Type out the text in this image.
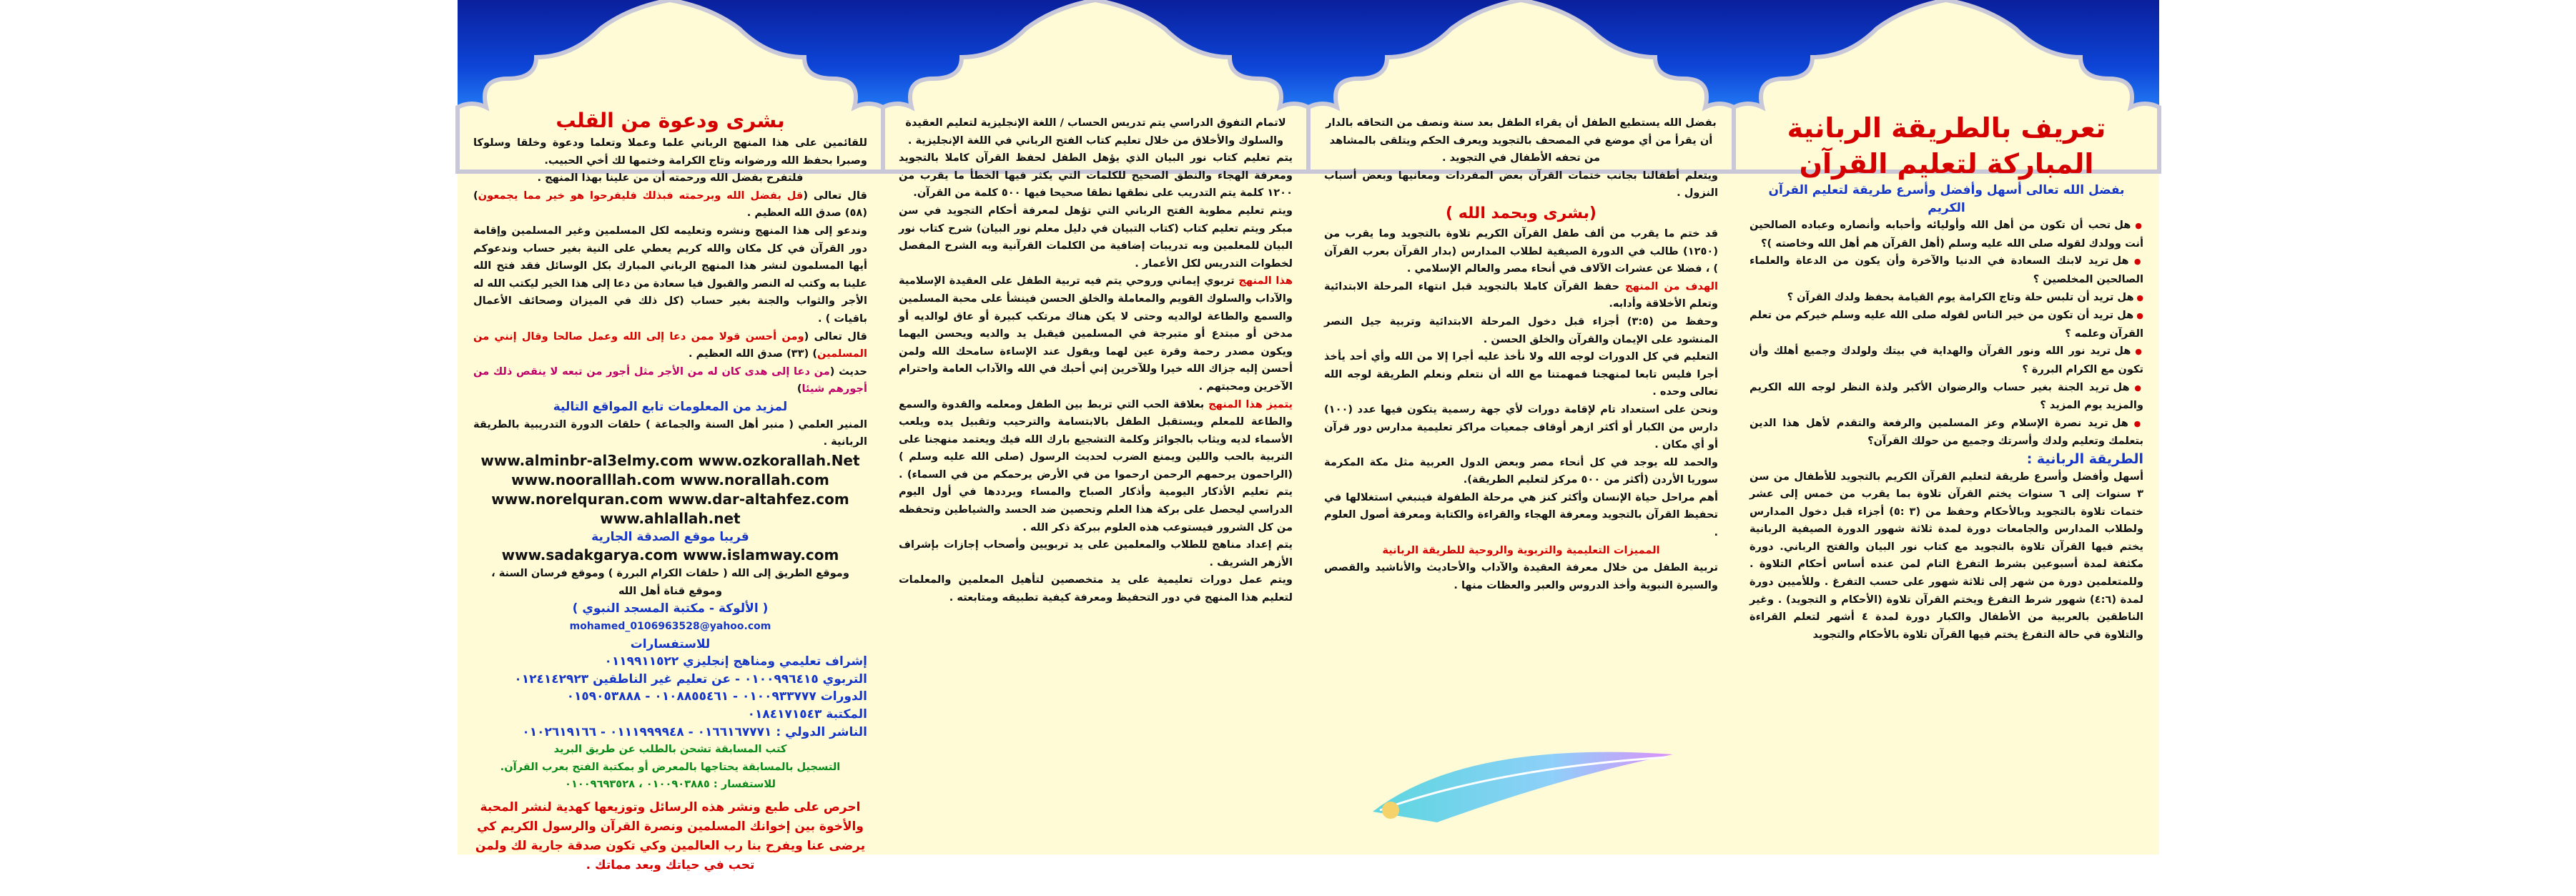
بشرى ودعوة من القلب

للقائمين على هذا المنهج الرباني علما وعملا وتعلما ودعوة وخلقا وسلوكا وصبرا بحفظ الله ورضوانه وتاج الكرامة وختمها لك أخي الحبيب.

فلتفرح بفضل الله ورحمته أن من علينا بهذا المنهج .

قال تعالى (قل بفضل الله وبرحمته فبذلك فليفرحوا هو خير مما يجمعون) (٥٨) صدق الله العظيم .

وندعو إلى هذا المنهج ونشره وتعليمه لكل المسلمين وغير المسلمين وإقامة دور القرآن في كل مكان والله كريم يعطي على النية بغير حساب وندعوكم أيها المسلمون لنشر هذا المنهج الرباني المبارك بكل الوسائل فقد فتح الله علينا به وكتب له النصر والقبول فيا سعادة من دعا إلى هذا الخير ليكتب الله له الأجر والثواب والجنة بغير حساب (كل ذلك في الميزان وصحائف الأعمال باقيات ) .

قال تعالى (ومن أحسن قولا ممن دعا إلى الله وعمل صالحا وقال إنني من المسلمين) (٣٣) صدق الله العظيم .

حديث (من دعا إلى هدى كان له من الأجر مثل أجور من تبعه لا ينقص ذلك من أجورهم شيئا)

لمزيد من المعلومات تابع المواقع التالية

المنير العلمي ( منبر أهل السنة والجماعة ) حلقات الدورة التدريبية بالطريقة الربانية .

www.alminbr-al3elmy.com www.ozkorallah.Net
www.nooralllah.com www.norallah.com
www.norelquran.com www.dar-altahfez.com
www.ahlallah.net

قريبا موقع الصدقة الجارية

www.sadakgarya.com www.islamway.com

وموقع الطريق إلى الله ( حلقات الكرام البررة ) وموقع فرسان السنة ، وموقع قناة أهل الله

( الألوكة - مكتبة المسجد النبوي )

mohamed_0106963528@yahoo.com

للاستفسارات

إشراف تعليمي ومناهج إنجليزي ٠١١٩٩١١٥٢٢

التربوي ٠١٠٠٩٩٦٤١٥ - عن تعليم غير الناطقين ٠١٢٤١٤٢٩٢٣

الدورات ٠١٠٠٩٣٣٧٧٧ - ٠١٠٨٨٥٥٤٦١ - ٠١٥٩٠٥٣٨٨٨

المكتبة ٠١٨٤١٧١٥٤٣

الناشر الدولي : ٠١٦٦١٦٧٧٧١ - ٠١١١٩٩٩٩٤٨ - ٠١٠٢٦١٩١٦٦

كتب المسابقة تشحن بالطلب عن طريق البريد

التسجيل بالمسابقة يحتاجها بالمعرض أو بمكتبة الفتح بعرب القرآن.

للاستفسار : ٠١٠٠٩٠٣٨٨٥ ، ٠١٠٠٩٦٩٣٥٢٨

احرص على طبع ونشر هذه الرسائل وتوزيعها كهدية لنشر المحبة والأخوة بين إخوانك المسلمين ونصرة القرآن والرسول الكريم كي يرضى عنا ويفرح بنا رب العالمين وكي تكون صدقة جارية لك ولمن تحب في حياتك وبعد مماتك .

لاتمام التفوق الدراسي يتم تدريس الحساب / اللغة الإنجليزية لتعليم العقيدة والسلوك والأخلاق من خلال تعليم كتاب الفتح الرباني في اللغة الإنجليزية .

يتم تعليم كتاب نور البيان الذي يؤهل الطفل لحفظ القرآن كاملا بالتجويد ومعرفة الهجاء والنطق الصحيح للكلمات التي يكثر فيها الخطأ ما يقرب من ١٢٠٠ كلمة يتم التدريب على نطقها نطقا صحيحا فيها ٥٠٠ كلمة من القرآن.

ويتم تعليم مطوية الفتح الرباني التي تؤهل لمعرفة أحكام التجويد في سن مبكر ويتم تعليم كتاب (كتاب التبيان في دليل معلم نور البيان) شرح كتاب نور البيان للمعلمين وبه تدريبات إضافية من الكلمات القرآنية وبه الشرح المفصل لخطوات التدريس لكل الأعمار .

هذا المنهج تربوي إيماني وروحي يتم فيه تربية الطفل على العقيدة الإسلامية والآداب والسلوك القويم والمعاملة والخلق الحسن فينشأ على محبة المسلمين والسمع والطاعة لوالديه وحتى لا يكن هناك مرتكب كبيرة أو عاق لوالديه أو مدخن أو مبتدع أو متبرجة في المسلمين فيقبل يد والديه ويحسن اليهما ويكون مصدر رحمة وقرة عين لهما ويقول عند الإساءة سامحك الله ولمن أحسن إليه جزاك الله خيرا وللآخرين إني أحبك في الله والآداب العامة واحترام الآخرين ومحبتهم .

يتميز هذا المنهج بعلاقة الحب التي تربط بين الطفل ومعلمه والقدوة والسمع والطاعة للمعلم ويستقبل الطفل بالابتسامة والترحيب وتقبيل يده ويلعب الأسماء لديه ويثاب بالجوائز وكلمة التشجيع بارك الله فيك ويعتمد منهجنا على التربية بالحب واللين ويمنع الضرب لحديث الرسول (صلى الله عليه وسلم ) (الراحمون يرحمهم الرحمن ارحموا من في الأرض يرحمكم من في السماء) . يتم تعليم الأذكار اليومية وأذكار الصباح والمساء ويرددها في أول اليوم الدراسي ليحصل على بركة هذا العلم وتحصين ضد الحسد والشياطين وتحفظه من كل الشرور فيستوعب هذه العلوم ببركة ذكر الله .

يتم إعداد مناهج للطلاب والمعلمين على يد تربويين وأصحاب إجازات بإشراف الأزهر الشريف .

ويتم عمل دورات تعليمية على يد متخصصين لتأهيل المعلمين والمعلمات لتعليم هذا المنهج في دور التحفيظ ومعرفة كيفية تطبيقه ومتابعته .

بفضل الله يستطيع الطفل أن يقراء الطفل بعد سنة ونصف من التحاقه بالدار أن يقرأ من أي موضع في المصحف بالتجويد ويعرف الحكم ويتلقى بالمشاهد من تحفه الأطفال في التجويد .

ويتعلم أطفالنا بجانب ختمات القرآن بعض المفردات ومعانيها وبعض أسباب النزول .

(بشرى وبحمد الله )

قد ختم ما يقرب من ألف طفل القرآن الكريم تلاوة بالتجويد وما يقرب من (١٢٥٠) طالب في الدورة الصيفية لطلاب المدارس (بدار القرآن بعرب القرآن ) ، فضلا عن عشرات الآلاف في أنحاء مصر والعالم الإسلامي .

الهدف من المنهج حفظ القرآن كاملا بالتجويد قبل انتهاء المرحلة الابتدائية وتعلم الأخلاقة وأدابه.

وحفظ من (٣:٥) أجزاء قبل دخول المرحلة الابتدائية وتربية جيل النصر المنشود على الإيمان والقرآن والخلق الحسن .

التعليم في كل الدورات لوجه الله ولا نأخذ عليه أجرا إلا من الله وأي أحد يأخذ أجرا فليس تابعا لمنهجنا فمهمتنا مع الله أن نتعلم ونعلم الطريقة لوجه الله تعالى وحده .

ونحن على استعداد تام لإقامة دورات لأي جهة رسمية يتكون فيها عدد (١٠٠) دارس من الكبار أو أكثر ازهر أوقاف جمعيات مراكز تعليمية مدارس دور قرآن أو أي مكان .

والحمد لله يوجد في كل أنحاء مصر وبعض الدول العربية مثل مكة المكرمة سوريا الأردن (أكثر من ٥٠٠ مركز لتعليم الطريقة).

أهم مراحل حياة الإنسان وأكثر كنز هي مرحلة الطفولة فينبغي استغلالها في تحفيظ القرآن بالتجويد ومعرفة الهجاء والقراءة والكتابة ومعرفة أصول العلوم .

المميزات التعليمية والتربوية والروحية للطريقة الربانية

تربية الطفل من خلال معرفة العقيدة والآداب والأحاديث والأناشيد والقصص والسيرة النبوية وأخذ الدروس والعبر والعظات منها .

تعريف بالطريقة الربانية المباركة لتعليم القرآن

بفضل الله تعالى أسهل وأفضل وأسرع طريقة لتعليم القرآن الكريم

● هل تحب أن تكون من أهل الله وأوليائه وأحبابه وأنصاره وعباده الصالحين أنت وولدك لقوله صلى الله عليه وسلم (أهل القرآن هم أهل الله وخاصته )؟

● هل تريد لابنك السعادة في الدنيا والآخرة وأن يكون من الدعاة والعلماء الصالحين المخلصين ؟

● هل تريد أن تلبس حلة وتاج الكرامة يوم القيامة بحفظ ولدك القرآن ؟

● هل تريد أن تكون من خير الناس لقوله صلى الله عليه وسلم خيركم من تعلم القرآن وعلمه ؟

● هل تريد نور الله ونور القرآن والهداية في بيتك ولولدك وجميع أهلك وأن تكون مع الكرام البررة ؟

● هل تريد الجنة بغير حساب والرضوان الأكبر ولذة النظر لوجه الله الكريم والمزيد يوم المزيد ؟

● هل تريد نصرة الإسلام وعز المسلمين والرفعة والتقدم لأهل هذا الدين بتعلمك وتعليم ولدك وأسرتك وجميع من حولك القرآن؟

الطريقة الربانية :

أسهل وأفضل وأسرع طريقة لتعليم القرآن الكريم بالتجويد للأطفال من سن ٣ سنوات إلى ٦ سنوات يختم القرآن تلاوة بما يقرب من خمس إلى عشر ختمات تلاوة بالتجويد وبالأحكام وحفظ من (٣ :٥) أجزاء قبل دخول المدارس ولطلاب المدارس والجامعات دورة لمدة ثلاثة شهور الدورة الصيفية الربانية يختم فيها القرآن تلاوة بالتجويد مع كتاب نور البيان والفتح الرباني. دورة مكثفة لمدة أسبوعين بشرط التفرغ التام لمن عنده أساس أحكام التلاوة . وللمتعلمين دورة من شهر إلى ثلاثة شهور على حسب التفرغ . وللأميين دورة لمدة (٤:٦) شهور شرط التفرغ ويختم القرآن تلاوة (الأحكام و التجويد) . وغير الناطقين بالعربية من الأطفال والكبار دورة لمدة ٤ أشهر لتعلم القراءة والتلاوة في حالة التفرغ يختم فيها القرآن تلاوة بالأحكام والتجويد
